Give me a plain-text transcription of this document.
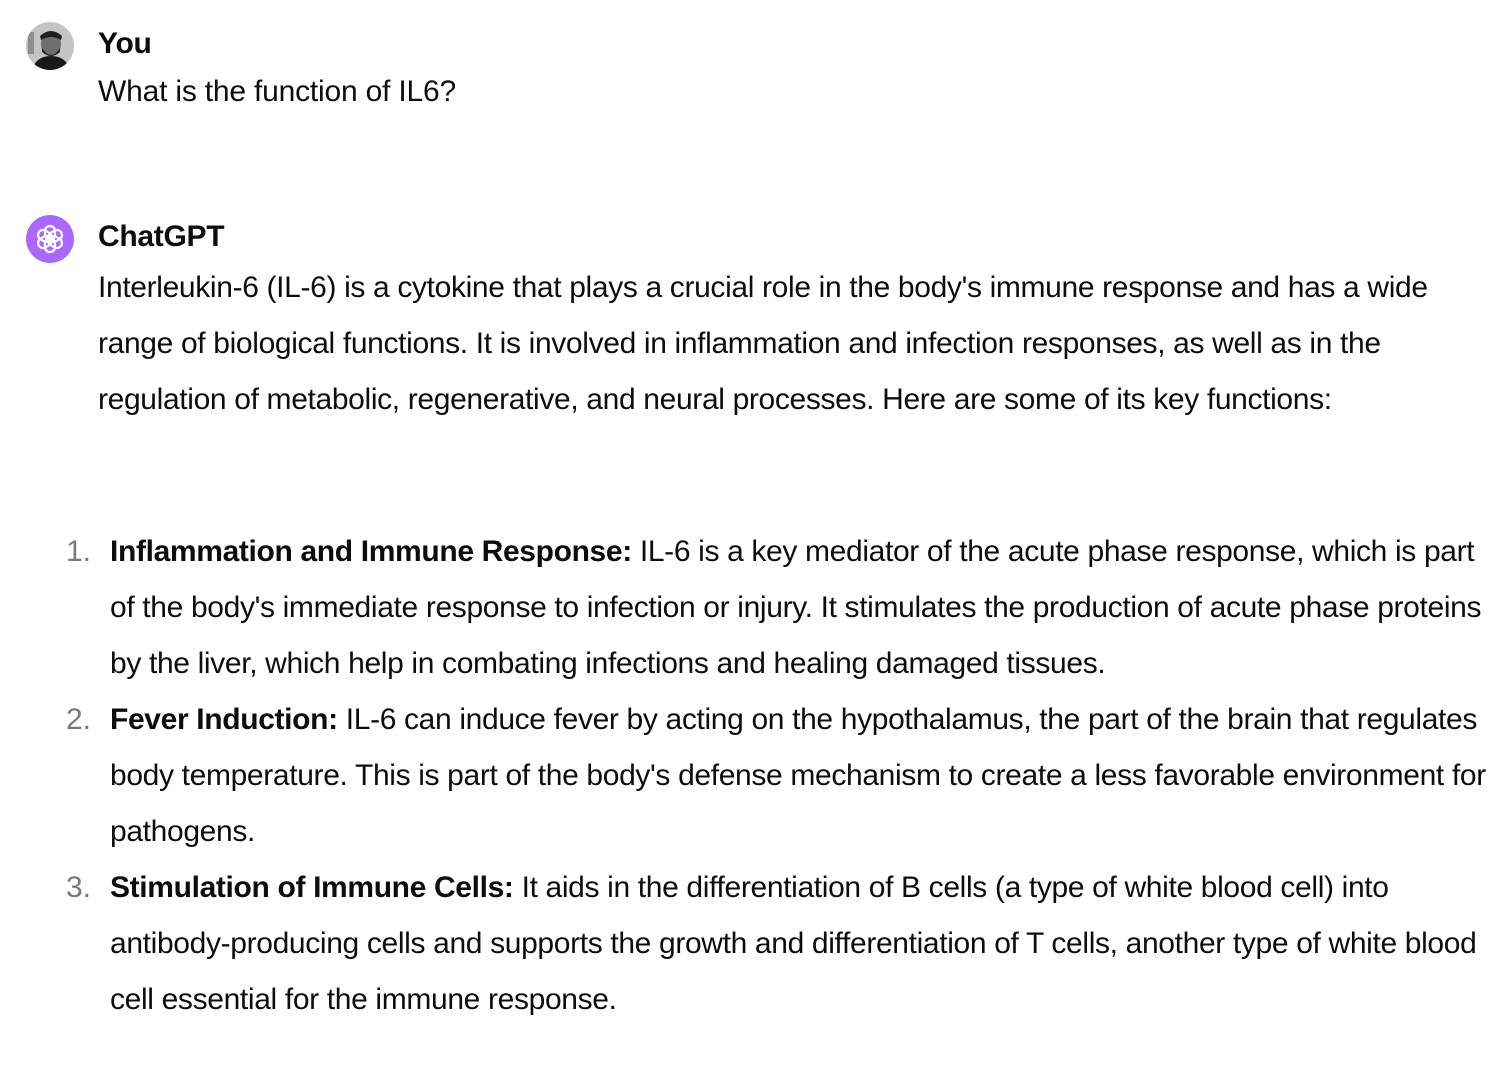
You

What is the function of IL6?

ChatGPT

Interleukin-6 (IL-6) is a cytokine that plays a crucial role in the body's immune response and has a wide range of biological functions. It is involved in inflammation and infection responses, as well as in the regulation of metabolic, regenerative, and neural processes. Here are some of its key functions:

1. Inflammation and Immune Response: IL-6 is a key mediator of the acute phase response, which is part of the body's immediate response to infection or injury. It stimulates the production of acute phase proteins by the liver, which help in combating infections and healing damaged tissues.

2. Fever Induction: IL-6 can induce fever by acting on the hypothalamus, the part of the brain that regulates body temperature. This is part of the body's defense mechanism to create a less favorable environment for pathogens.

3. Stimulation of Immune Cells: It aids in the differentiation of B cells (a type of white blood cell) into antibody-producing cells and supports the growth and differentiation of T cells, another type of white blood cell essential for the immune response.
